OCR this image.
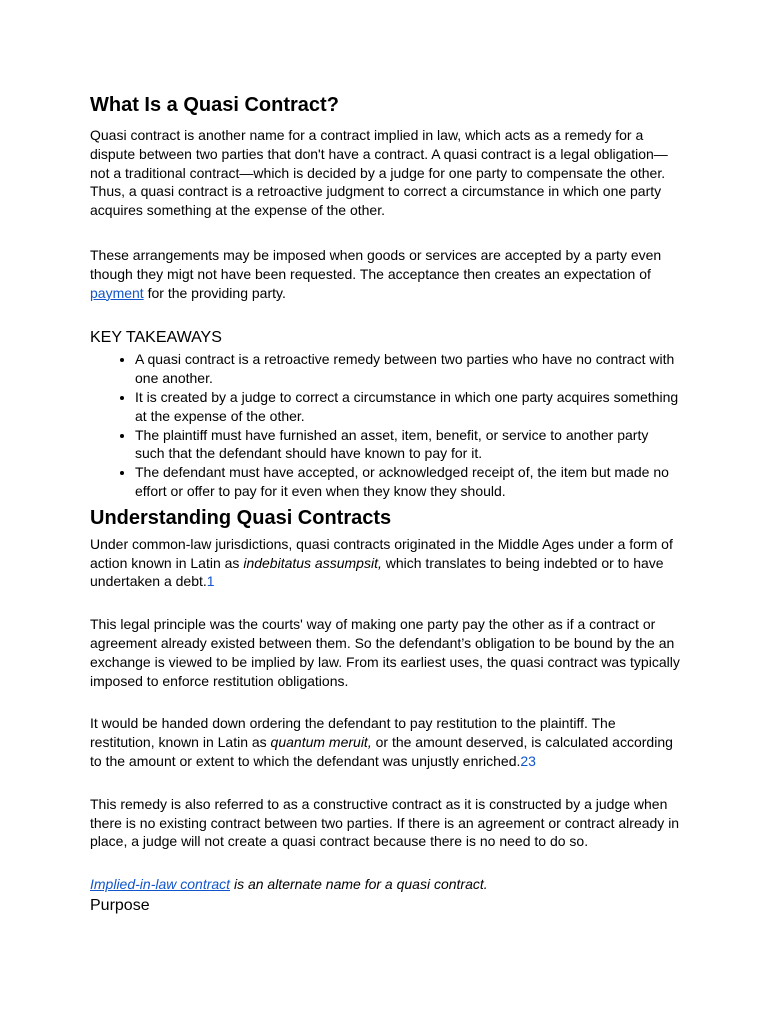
What Is a Quasi Contract?

Quasi contract is another name for a contract implied in law, which acts as a remedy for a dispute between two parties that don't have a contract. A quasi contract is a legal obligation—not a traditional contract—which is decided by a judge for one party to compensate the other. Thus, a quasi contract is a retroactive judgment to correct a circumstance in which one party acquires something at the expense of the other.

These arrangements may be imposed when goods or services are accepted by a party even though they migt not have been requested. The acceptance then creates an expectation of payment for the providing party.

KEY TAKEAWAYS
• A quasi contract is a retroactive remedy between two parties who have no contract with one another.
• It is created by a judge to correct a circumstance in which one party acquires something at the expense of the other.
• The plaintiff must have furnished an asset, item, benefit, or service to another party such that the defendant should have known to pay for it.
• The defendant must have accepted, or acknowledged receipt of, the item but made no effort or offer to pay for it even when they know they should.
Understanding Quasi Contracts

Under common-law jurisdictions, quasi contracts originated in the Middle Ages under a form of action known in Latin as indebitatus assumpsit, which translates to being indebted or to have undertaken a debt.1

This legal principle was the courts' way of making one party pay the other as if a contract or agreement already existed between them. So the defendant’s obligation to be bound by the an exchange is viewed to be implied by law. From its earliest uses, the quasi contract was typically imposed to enforce restitution obligations.

It would be handed down ordering the defendant to pay restitution to the plaintiff. The restitution, known in Latin as quantum meruit, or the amount deserved, is calculated according to the amount or extent to which the defendant was unjustly enriched.23

This remedy is also referred to as a constructive contract as it is constructed by a judge when there is no existing contract between two parties. If there is an agreement or contract already in place, a judge will not create a quasi contract because there is no need to do so.

Implied-in-law contract is an alternate name for a quasi contract.

Purpose
